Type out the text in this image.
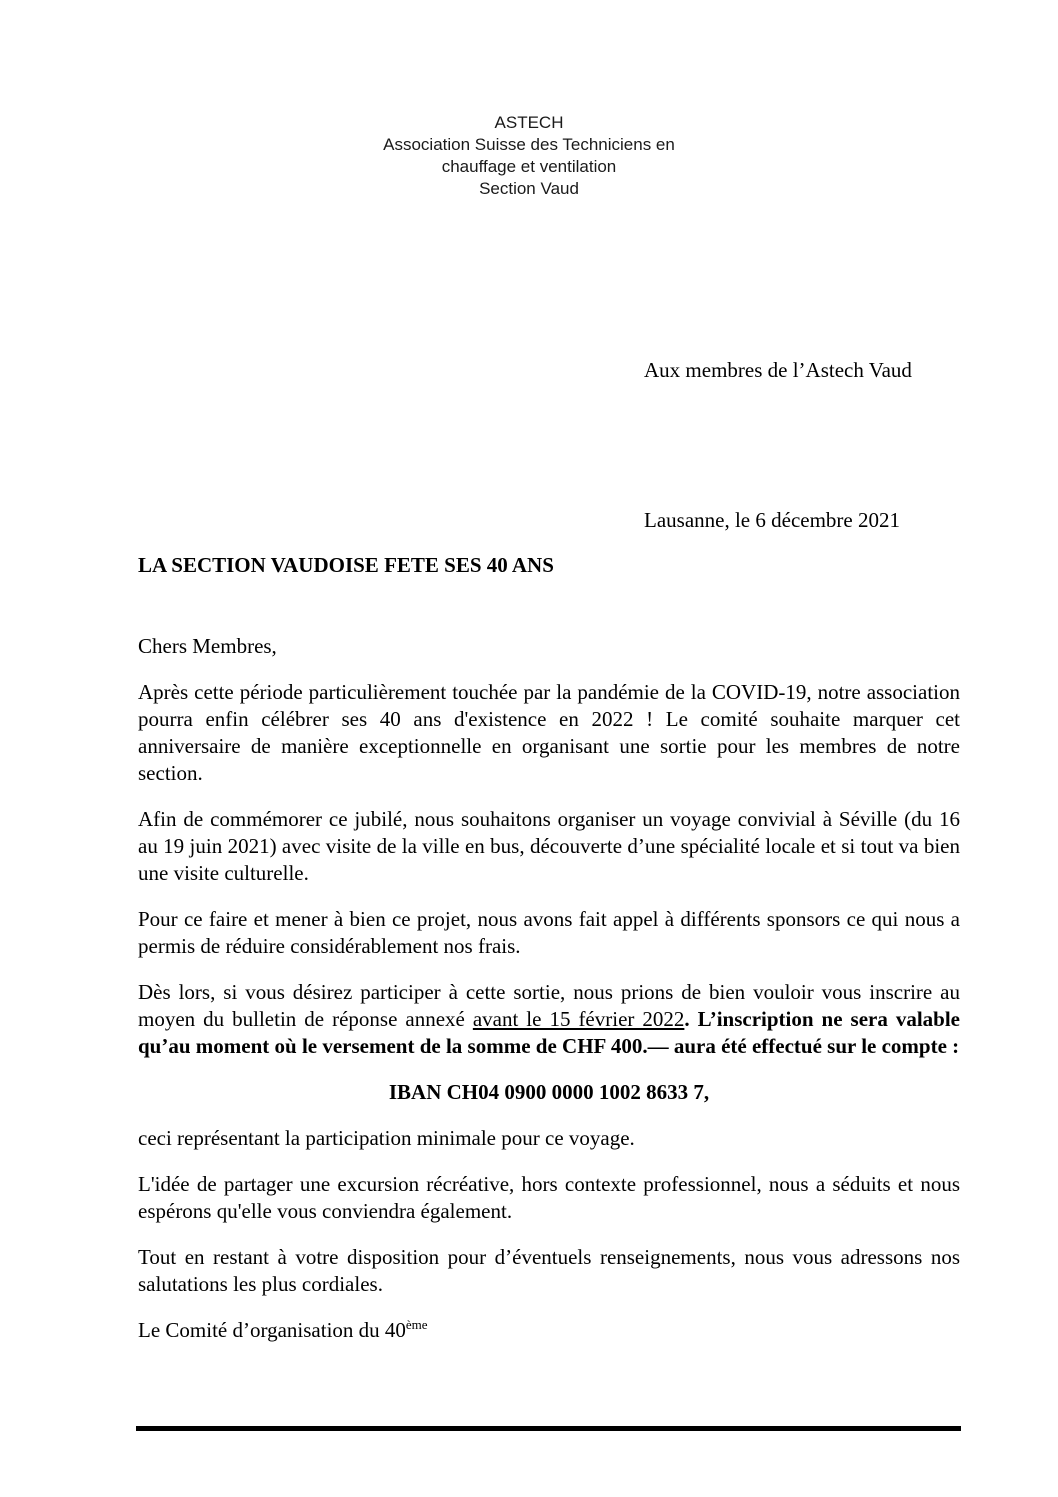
ASTECH
Association Suisse des Techniciens en
chauffage et ventilation
Section Vaud
Aux membres de l’Astech Vaud
Lausanne, le 6 décembre 2021
LA SECTION VAUDOISE FETE SES 40 ANS

Chers Membres,

Après cette période particulièrement touchée par la pandémie de la COVID-19, notre association pourra enfin célébrer ses 40 ans d'existence en 2022 ! Le comité souhaite marquer cet anniversaire de manière exceptionnelle en organisant une sortie pour les membres de notre section.

Afin de commémorer ce jubilé, nous souhaitons organiser un voyage convivial à Séville (du 16 au 19 juin 2021) avec visite de la ville en bus, découverte d’une spécialité locale et si tout va bien une visite culturelle.

Pour ce faire et mener à bien ce projet, nous avons fait appel à différents sponsors ce qui nous a permis de réduire considérablement nos frais.

Dès lors, si vous désirez participer à cette sortie, nous prions de bien vouloir vous inscrire au moyen du bulletin de réponse annexé avant le 15 février 2022. L’inscription ne sera valable qu’au moment où le versement de la somme de CHF 400.— aura été effectué sur le compte :

IBAN CH04 0900 0000 1002 8633 7,

ceci représentant la participation minimale pour ce voyage.

L'idée de partager une excursion récréative, hors contexte professionnel, nous a séduits et nous espérons qu'elle vous conviendra également.

Tout en restant à votre disposition pour d’éventuels renseignements, nous vous adressons nos salutations les plus cordiales.

Le Comité d’organisation du 40ème
